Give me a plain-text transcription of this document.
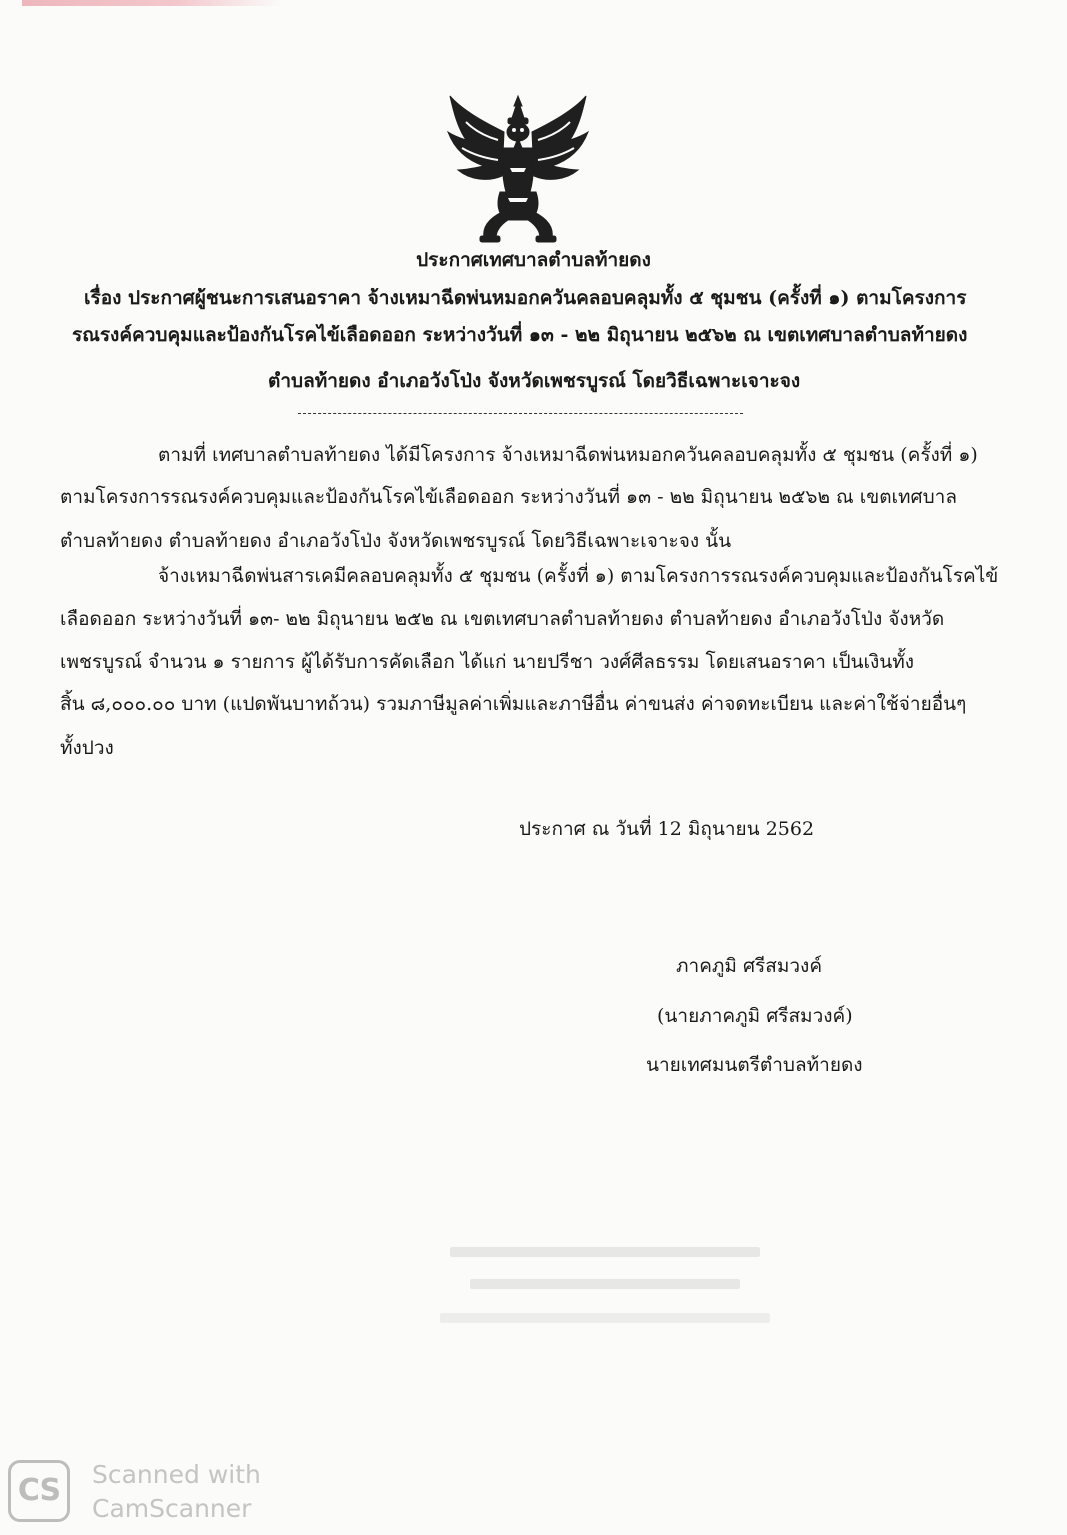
ประกาศเทศบาลตำบลท้ายดง
เรื่อง ประกาศผู้ชนะการเสนอราคา จ้างเหมาฉีดพ่นหมอกควันคลอบคลุมทั้ง ๕ ชุมชน (ครั้งที่ ๑) ตามโครงการ
รณรงค์ควบคุมและป้องกันโรคไข้เลือดออก ระหว่างวันที่ ๑๓ - ๒๒ มิถุนายน ๒๕๖๒ ณ เขตเทศบาลตำบลท้ายดง
ตำบลท้ายดง อำเภอวังโป่ง จังหวัดเพชรบูรณ์ โดยวิธีเฉพาะเจาะจง
ตามที่ เทศบาลตำบลท้ายดง ได้มีโครงการ จ้างเหมาฉีดพ่นหมอกควันคลอบคลุมทั้ง ๕ ชุมชน (ครั้งที่ ๑)
ตามโครงการรณรงค์ควบคุมและป้องกันโรคไข้เลือดออก ระหว่างวันที่ ๑๓ - ๒๒ มิถุนายน ๒๕๖๒ ณ เขตเทศบาล
ตำบลท้ายดง ตำบลท้ายดง อำเภอวังโป่ง จังหวัดเพชรบูรณ์ โดยวิธีเฉพาะเจาะจง นั้น
จ้างเหมาฉีดพ่นสารเคมีคลอบคลุมทั้ง ๕ ชุมชน (ครั้งที่ ๑) ตามโครงการรณรงค์ควบคุมและป้องกันโรคไข้
เลือดออก ระหว่างวันที่ ๑๓- ๒๒ มิถุนายน ๒๕๒ ณ เขตเทศบาลตำบลท้ายดง ตำบลท้ายดง อำเภอวังโป่ง จังหวัด
เพชรบูรณ์ จำนวน ๑ รายการ ผู้ได้รับการคัดเลือก ได้แก่ นายปรีชา วงศ์ศีลธรรม โดยเสนอราคา เป็นเงินทั้ง
สิ้น ๘,๐๐๐.๐๐ บาท (แปดพันบาทถ้วน) รวมภาษีมูลค่าเพิ่มและภาษีอื่น ค่าขนส่ง ค่าจดทะเบียน และค่าใช้จ่ายอื่นๆ
ทั้งปวง
ประกาศ ณ วันที่ 12 มิถุนายน 2562
ภาคภูมิ ศรีสมวงค์
(นายภาคภูมิ ศรีสมวงค์)
นายเทศมนตรีตำบลท้ายดง
CS	Scanned with
CamScanner
